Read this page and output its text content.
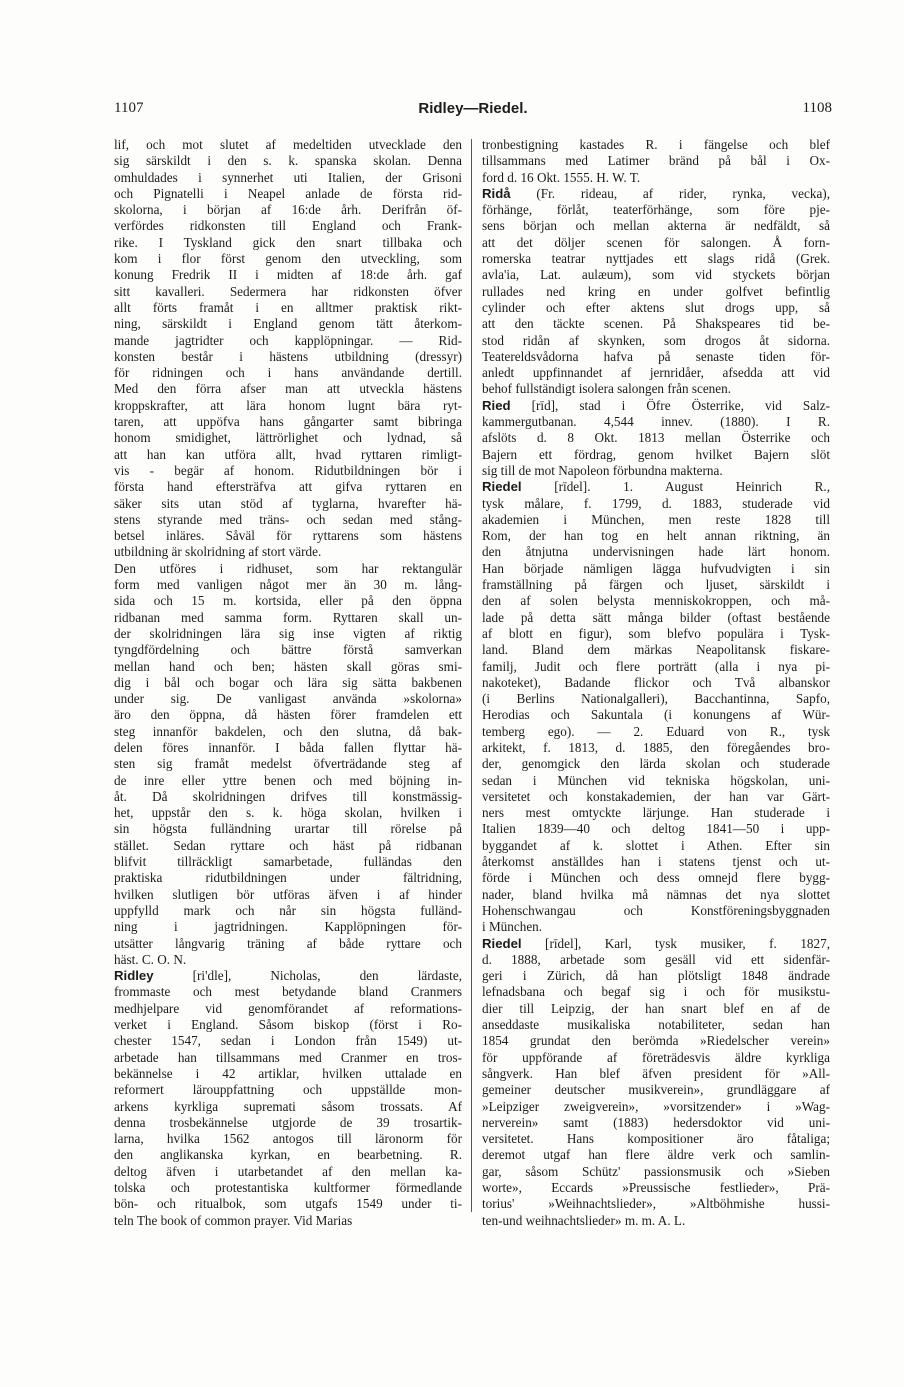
1107	Ridley—Riedel.	1108
lif, och mot slutet af medeltiden utvecklade den
sig särskildt i den s. k. spanska skolan. Denna
omhuldades i synnerhet uti Italien, der Grisoni
och Pignatelli i Neapel anlade de första rid-
skolorna, i början af 16:de årh. Derifrån öf-
verfördes ridkonsten till England och Frank-
rike. I Tyskland gick den snart tillbaka och
kom i flor först genom den utveckling, som
konung Fredrik II i midten af 18:de årh. gaf
sitt kavalleri. Sedermera har ridkonsten öfver
allt förts framåt i en alltmer praktisk rikt-
ning, särskildt i England genom tätt återkom-
mande jagtridter och kapplöpningar. — Rid-
konsten består i hästens utbildning (dressyr)
för ridningen och i hans användande dertill.
Med den förra afser man att utveckla hästens
kroppskrafter, att lära honom lugnt bära ryt-
taren, att uppöfva hans gångarter samt bibringa
honom smidighet, lättrörlighet och lydnad, så
att han kan utföra allt, hvad ryttaren rimligt-
vis - begär af honom. Ridutbildningen bör i
första hand eftersträfva att gifva ryttaren en
säker sits utan stöd af tyglarna, hvarefter hä-
stens styrande med träns- och sedan med stång-
betsel inläres. Såväl för ryttarens som hästens
utbildning är skolridning af stort värde.
Den utföres i ridhuset, som har rektangulär
form med vanligen något mer än 30 m. lång-
sida och 15 m. kortsida, eller på den öppna
ridbanan med samma form. Ryttaren skall un-
der skolridningen lära sig inse vigten af riktig
tyngdfördelning och bättre förstå samverkan
mellan hand och ben; hästen skall göras smi-
dig i bål och bogar och lära sig sätta bakbenen
under sig. De vanligast använda »skolorna»
äro den öppna, då hästen förer framdelen ett
steg innanför bakdelen, och den slutna, då bak-
delen föres innanför. I båda fallen flyttar hä-
sten sig framåt medelst öfverträdande steg af
de inre eller yttre benen och med böjning in-
åt. Då skolridningen drifves till konstmässig-
het, uppstår den s. k. höga skolan, hvilken i
sin högsta fulländning urartar till rörelse på
stället. Sedan ryttare och häst på ridbanan
blifvit tillräckligt samarbetade, fulländas den
praktiska ridutbildningen under fältridning,
hvilken slutligen bör utföras äfven i af hinder
uppfylld mark och når sin högsta fulländ-
ning i jagtridningen. Kapplöpningen för-
utsätter långvarig träning af både ryttare och
häst. C. O. N.
Ridley [ri'dle], Nicholas, den lärdaste,
frommaste och mest betydande bland Cranmers
medhjelpare vid genomförandet af reformations-
verket i England. Såsom biskop (först i Ro-
chester 1547, sedan i London från 1549) ut-
arbetade han tillsammans med Cranmer en tros-
bekännelse i 42 artiklar, hvilken uttalade en
reformert lärouppfattning och uppställde mon-
arkens kyrkliga supremati såsom trossats. Af
denna trosbekännelse utgjorde de 39 trosartik-
larna, hvilka 1562 antogos till läronorm för
den anglikanska kyrkan, en bearbetning. R.
deltog äfven i utarbetandet af den mellan ka-
tolska och protestantiska kultformer förmedlande
bön- och ritualbok, som utgafs 1549 under ti-
teln The book of common prayer. Vid Marias
tronbestigning kastades R. i fängelse och blef
tillsammans med Latimer bränd på bål i Ox-
ford d. 16 Okt. 1555. H. W. T.
Ridå (Fr. rideau, af rider, rynka, vecka),
förhänge, förlåt, teaterförhänge, som före pje-
sens början och mellan akterna är nedfäldt, så
att det döljer scenen för salongen. Å forn-
romerska teatrar nyttjades ett slags ridå (Grek.
avla'ia, Lat. aulæum), som vid styckets början
rullades ned kring en under golfvet befintlig
cylinder och efter aktens slut drogs upp, så
att den täckte scenen. På Shakspeares tid be-
stod ridån af skynken, som drogos åt sidorna.
Teatereldsvådorna hafva på senaste tiden för-
anledt uppfinnandet af jernridåer, afsedda att vid
behof fullständigt isolera salongen från scenen.
Ried [rīd], stad i Öfre Österrike, vid Salz-
kammergutbanan. 4,544 innev. (1880). I R.
afslöts d. 8 Okt. 1813 mellan Österrike och
Bajern ett fördrag, genom hvilket Bajern slöt
sig till de mot Napoleon förbundna makterna.
Riedel [rīdel]. 1. August Heinrich R.,
tysk målare, f. 1799, d. 1883, studerade vid
akademien i München, men reste 1828 till
Rom, der han tog en helt annan riktning, än
den åtnjutna undervisningen hade lärt honom.
Han började nämligen lägga hufvudvigten i sin
framställning på färgen och ljuset, särskildt i
den af solen belysta menniskokroppen, och må-
lade på detta sätt många bilder (oftast bestående
af blott en figur), som blefvo populära i Tysk-
land. Bland dem märkas Neapolitansk fiskare-
familj, Judit och flere porträtt (alla i nya pi-
nakoteket), Badande flickor och Två albanskor
(i Berlins Nationalgalleri), Bacchantinna, Sapfo,
Herodias och Sakuntala (i konungens af Wür-
temberg ego). — 2. Eduard von R., tysk
arkitekt, f. 1813, d. 1885, den föregåendes bro-
der, genomgick den lärda skolan och studerade
sedan i München vid tekniska högskolan, uni-
versitetet och konstakademien, der han var Gärt-
ners mest omtyckte lärjunge. Han studerade i
Italien 1839—40 och deltog 1841—50 i upp-
byggandet af k. slottet i Athen. Efter sin
återkomst anställdes han i statens tjenst och ut-
förde i München och dess omnejd flere bygg-
nader, bland hvilka må nämnas det nya slottet
Hohenschwangau och Konstföreningsbyggnaden
i München.
Riedel [rīdel], Karl, tysk musiker, f. 1827,
d. 1888, arbetade som gesäll vid ett sidenfär-
geri i Zürich, då han plötsligt 1848 ändrade
lefnadsbana och begaf sig i och för musikstu-
dier till Leipzig, der han snart blef en af de
anseddaste musikaliska notabiliteter, sedan han
1854 grundat den berömda »Riedelscher verein»
för uppförande af företrädesvis äldre kyrkliga
sångverk. Han blef äfven president för »All-
gemeiner deutscher musikverein», grundläggare af
»Leipziger zweigverein», »vorsitzender» i »Wag-
nerverein» samt (1883) hedersdoktor vid uni-
versitetet. Hans kompositioner äro fåtaliga;
deremot utgaf han flere äldre verk och samlin-
gar, såsom Schütz' passionsmusik och »Sieben
worte», Eccards »Preussische festlieder», Prä-
torius' »Weihnachtslieder», »Altböhmishe hussi-
ten-und weihnachtslieder» m. m. A. L.
